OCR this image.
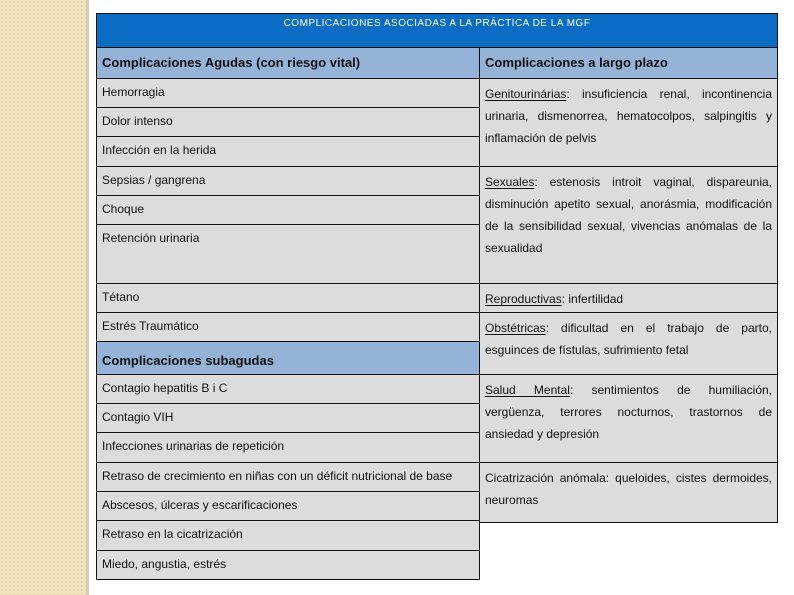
COMPLICACIONES ASOCIADAS A LA PRÁCTICA DE LA MGF
Complicaciones Agudas (con riesgo vital)	Complicaciones a largo plazo
Hemorragia
Dolor intenso
Infección en la herida
Sepsias / gangrena
Choque
Retención urinaria
Tétano
Estrés Traumático
Complicaciones subagudas
Contagio hepatitis B i C
Contagio VIH
Infecciones urinarias de repetición
Retraso de crecimiento en niñas con un déficit nutricional de base
Abscesos, úlceras y escarificaciones
Retraso en la cicatrización
Miedo, angustia, estrés
Genitourinárias: insuficiencia renal, incontinencia urinaria, dismenorrea, hematocolpos, salpingitis y inflamación de pelvis
Sexuales: estenosis introit vaginal, dispareunia, disminución apetito sexual, anorásmia, modificación de la sensibilidad sexual, vivencias anómalas de la sexualidad
Reproductivas: infertilidad
Obstétricas: dificultad en el trabajo de parto, esguinces de fístulas, sufrimiento fetal
Salud Mental: sentimientos de humiliación, vergüenza, terrores nocturnos, trastornos de ansiedad y depresión
Cicatrización anómala: queloides, cistes dermoides, neuromas
